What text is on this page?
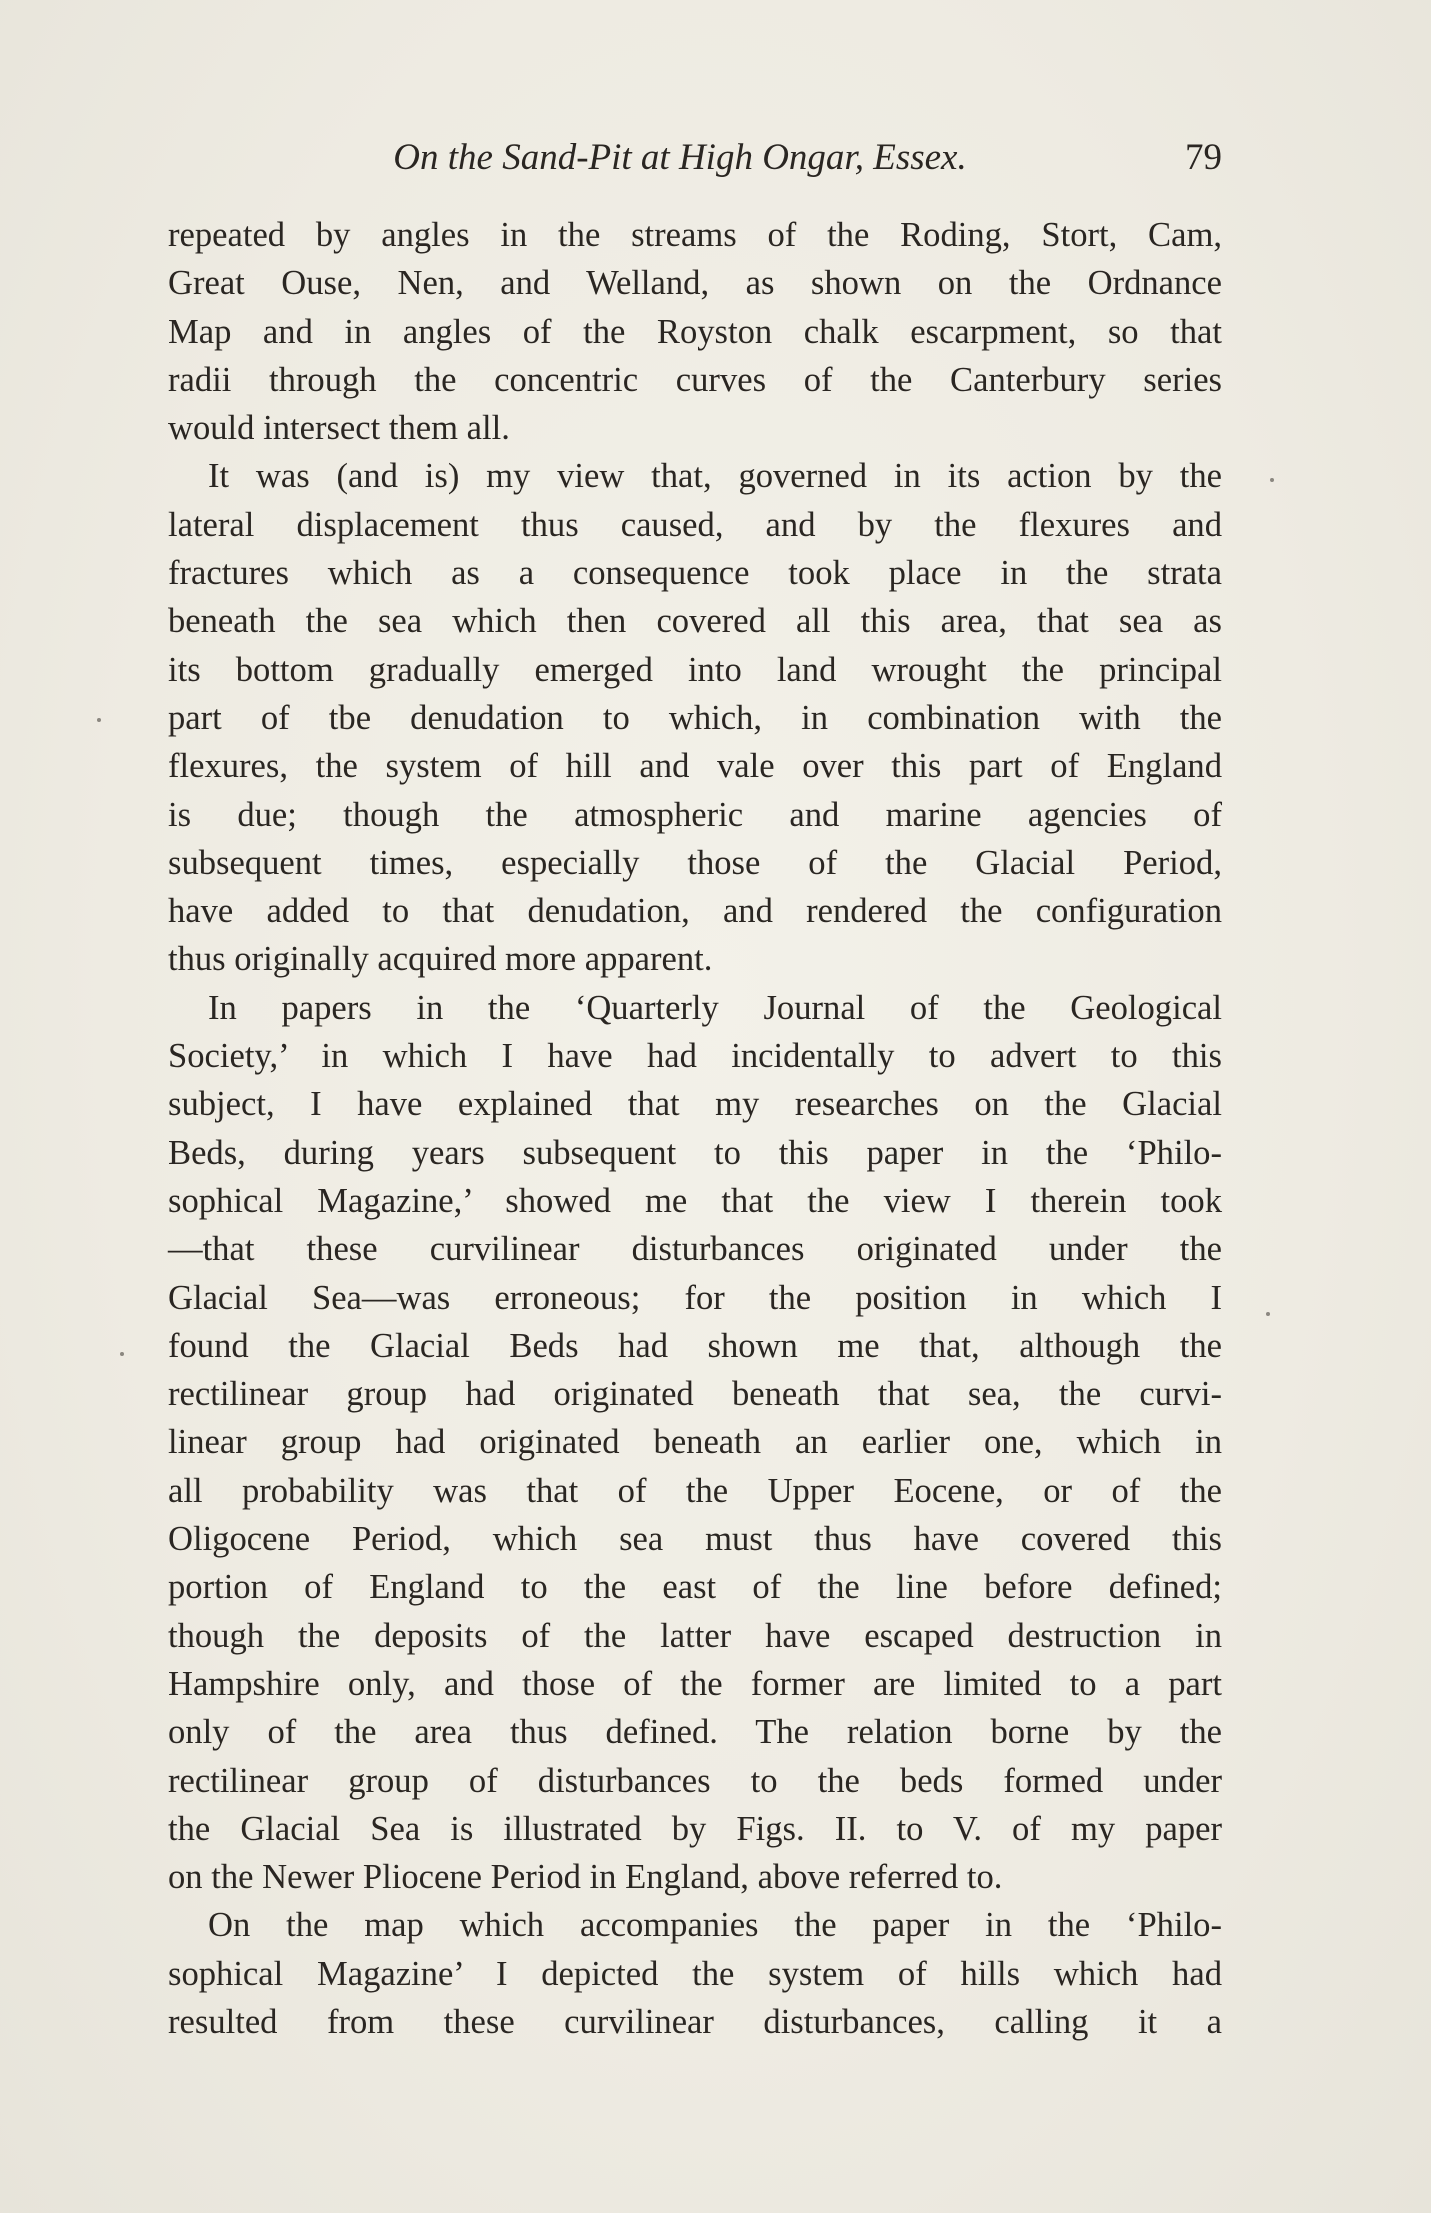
On the Sand-Pit at High Ongar, Essex.	79
repeated by angles in the streams of the Roding, Stort, Cam,
Great Ouse, Nen, and Welland, as shown on the Ordnance
Map and in angles of the Royston chalk escarpment, so that
radii through the concentric curves of the Canterbury series
would intersect them all.
It was (and is) my view that, governed in its action by the
lateral displacement thus caused, and by the flexures and
fractures which as a consequence took place in the strata
beneath the sea which then covered all this area, that sea as
its bottom gradually emerged into land wrought the principal
part of tbe denudation to which, in combination with the
flexures, the system of hill and vale over this part of England
is due; though the atmospheric and marine agencies of
subsequent times, especially those of the Glacial Period,
have added to that denudation, and rendered the configuration
thus originally acquired more apparent.
In papers in the ‘Quarterly Journal of the Geological
Society,’ in which I have had incidentally to advert to this
subject, I have explained that my researches on the Glacial
Beds, during years subsequent to this paper in the ‘Philo-
sophical Magazine,’ showed me that the view I therein took
—that these curvilinear disturbances originated under the
Glacial Sea—was erroneous; for the position in which I
found the Glacial Beds had shown me that, although the
rectilinear group had originated beneath that sea, the curvi-
linear group had originated beneath an earlier one, which in
all probability was that of the Upper Eocene, or of the
Oligocene Period, which sea must thus have covered this
portion of England to the east of the line before defined;
though the deposits of the latter have escaped destruction in
Hampshire only, and those of the former are limited to a part
only of the area thus defined. The relation borne by the
rectilinear group of disturbances to the beds formed under
the Glacial Sea is illustrated by Figs. II. to V. of my paper
on the Newer Pliocene Period in England, above referred to.
On the map which accompanies the paper in the ‘Philo-
sophical Magazine’ I depicted the system of hills which had
resulted from these curvilinear disturbances, calling it a
